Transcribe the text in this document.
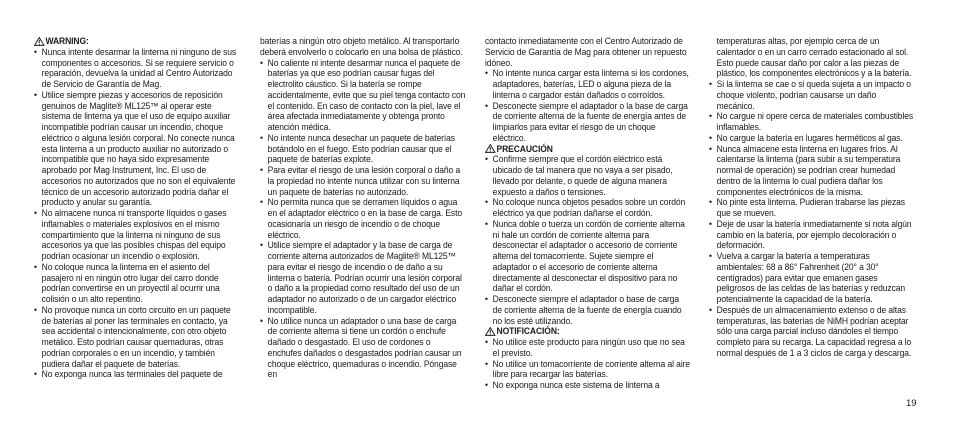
WARNING:
• Nunca intente desarmar la linterna ni ninguno de sus componentes o accesorios. Si se requiere servicio o reparación, devuelva la unidad al Centro Autorizado de Servicio de Garantía de Mag.
• Utilice siempre piezas y accesorios de reposición genuinos de Maglite® ML125™ al operar este sistema de linterna ya que el uso de equipo auxiliar incompatible podrían causar un incendio, choque eléctrico o alguna lesión corporal. No conecte nunca esta linterna a un producto auxiliar no autorizado o incompatible que no haya sido expresamente aprobado por Mag Instrument, Inc. El uso de accesorios no autorizados que no son el equivalente técnico de un accesorio autorizado podría dañar el producto y anular su garantía.
• No almacene nunca ni transporte líquidos o gases inflamables o materiales explosivos en el mismo compartimiento que la linterna ni ninguno de sus accesorios ya que las posibles chispas del equipo podrían ocasionar un incendio o explosión.
• No coloque nunca la linterna en el asiento del pasajero ni en ningún otro lugar del carro donde podrían convertirse en un proyectil al ocurrir una colisión o un alto repentino.
• No provoque nunca un corto circuito en un paquete de baterías al poner las terminales en contacto, ya sea accidental o intencionalmente, con otro objeto metálico. Esto podrían causar quemaduras, otras podrían corporales o en un incendio, y también pudiera dañar el paquete de baterías.
• No exponga nunca las terminales del paquete de
baterías a ningún otro objeto metálico. Al transportarlo deberá envolverlo o colocarlo en una bolsa de plástico.
• No caliente ni intente desarmar nunca el paquete de baterías ya que eso podrían causar fugas del electrolito cáustico. Si la batería se rompe accidentalmente, evite que su piel tenga contacto con el contenido. En caso de contacto con la piel, lave el área afectada inmediatamente y obtenga pronto atención médica.
• No intente nunca desechar un paquete de baterías botándolo en el fuego. Esto podrían causar que el paquete de baterías explote.
• Para evitar el riesgo de una lesión corporal o daño a la propiedad no intente nunca utilizar con su linterna un paquete de baterías no autorizado.
• No permita nunca que se derramen líquidos o agua en el adaptador eléctrico o en la base de carga. Esto ocasionaría un riesgo de incendio o de choque eléctrico.
• Utilice siempre el adaptador y la base de carga de corriente alterna autorizados de Maglite® ML125™ para evitar el riesgo de incendio o de daño a su linterna o batería. Podrían ocurrir una lesión corporal o daño a la propiedad como resultado del uso de un adaptador no autorizado o de un cargador eléctrico incompatible.
• No utilice nunca un adaptador o una base de carga de corriente alterna si tiene un cordón o enchufe dañado o desgastado. El uso de cordones o enchufes dañados o desgastados podrían causar un choque eléctrico, quemaduras o incendio. Póngase en
contacto inmediatamente con el Centro Autorizado de Servicio de Garantía de Mag para obtener un repuesto idóneo.
• No intente nunca cargar esta linterna si los cordones, adaptadores, baterías, LED o alguna pieza de la linterna o cargador están dañados o corroídos.
• Desconecte siempre el adaptador o la base de carga de corriente alterna de la fuente de energía antes de limpiarlos para evitar el riesgo de un choque eléctrico.
PRECAUCIÓN
• Confirme siempre que el cordón eléctrico está ubicado de tal manera que no vaya a ser pisado, llevado por delante, o quede de alguna manera expuesto a daños o tensiones.
• No coloque nunca objetos pesados sobre un cordón eléctrico ya que podrían dañarse el cordón.
• Nunca doble o tuerza un cordón de corriente alterna ni hale un cordón de corriente alterna para desconectar el adaptador o accesorio de corriente alterna del tomacorriente. Sujete siempre el adaptador o el accesorio de corriente alterna directamente al desconectar el dispositivo para no dañar el cordón.
• Desconecte siempre el adaptador o base de carga de corriente alterna de la fuente de energía cuando no los esté utilizando.
NOTIFICACIÓN:
• No utilice este producto para ningún uso que no sea el previsto.
• No utilice un tomacorriente de corriente alterna al aire libre para recargar las baterías.
• No exponga nunca este sistema de linterna a
temperaturas altas, por ejemplo cerca de un calentador o en un carro cerrado estacionado al sol. Esto puede causar daño por calor a las piezas de plástico, los componentes electrónicos y a la batería.
• Si la linterna se cae o si queda sujeta a un impacto o choque violento, podrían causarse un daño mecánico.
• No cargue ni opere cerca de materiales combustibles inflamables.
• No cargue la batería en lugares herméticos al gas.
• Nunca almacene esta linterna en lugares fríos. Al calentarse la linterna (para subir a su temperatura normal de operación) se podrían crear humedad dentro de la linterna lo cual pudiera dañar los componentes electrónicos de la misma.
• No pinte esta linterna. Pudieran trabarse las piezas que se mueven.
• Deje de usar la batería inmediatamente si nota algún cambio en la batería, por ejemplo decoloración o deformación.
• Vuelva a cargar la batería a temperaturas ambientales: 68 a 86° Fahrenheit (20° a 30° centígrados) para evitar que emanen gases peligrosos de las celdas de las baterías y reduzcan potencialmente la capacidad de la batería.
• Después de un almacenamiento extenso o de altas temperaturas, las baterías de NiMH podrían aceptar sólo una carga parcial incluso dándoles el tiempo completo para su recarga. La capacidad regresa a lo normal después de 1 a 3 ciclos de carga y descarga.
19
